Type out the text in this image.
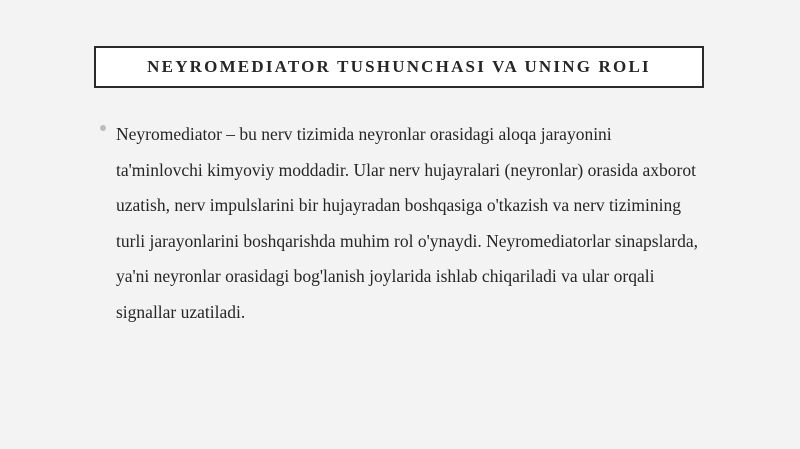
NEYROMEDIATOR TUSHUNCHASI VA UNING ROLI
Neyromediator – bu nerv tizimida neyronlar orasidagi aloqa jarayonini ta'minlovchi kimyoviy moddadir. Ular nerv hujayralari (neyronlar) orasida axborot uzatish, nerv impulslarini bir hujayradan boshqasiga o'tkazish va nerv tizimining turli jarayonlarini boshqarishda muhim rol o'ynaydi. Neyromediatorlar sinapslarda, ya'ni neyronlar orasidagi bog'lanish joylarida ishlab chiqariladi va ular orqali signallar uzatiladi.
